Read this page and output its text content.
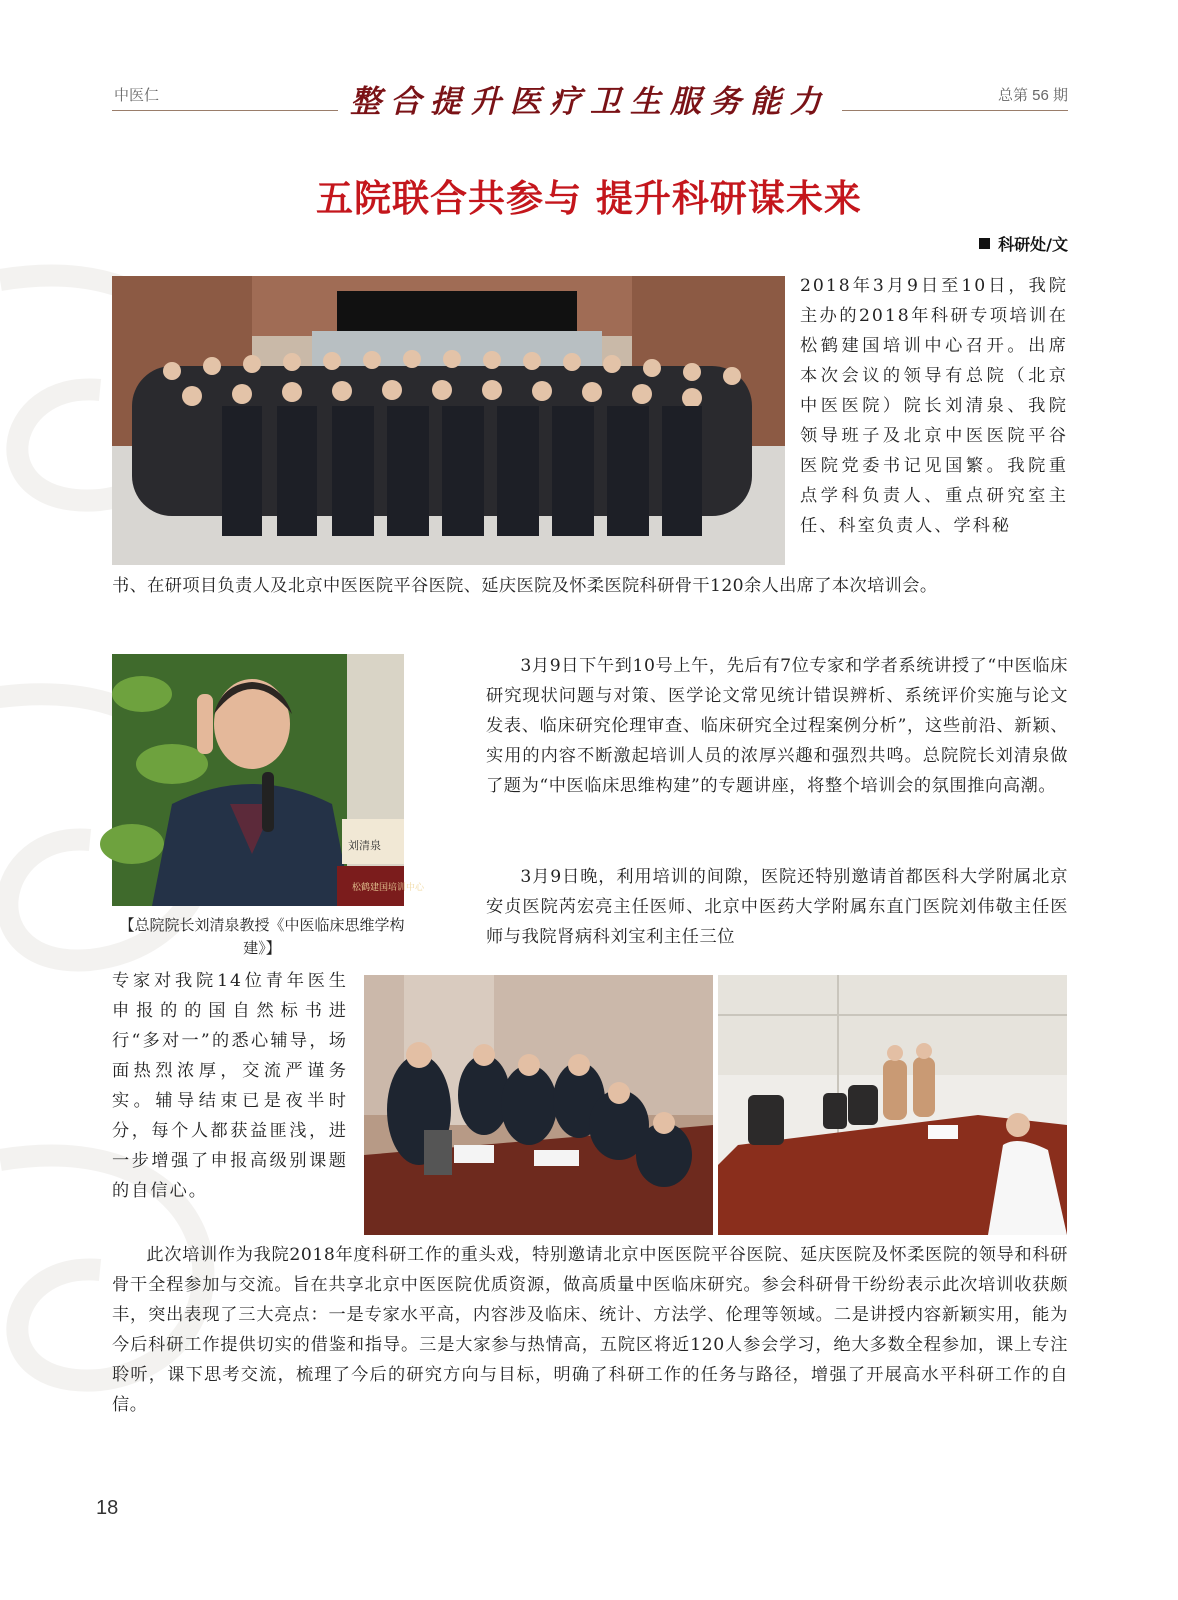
中医仁	整合提升医疗卫生服务能力	总第 56 期
五院联合共参与 提升科研谋未来
科研处/文

2018年3月9日至10日，我院主办的2018年科研专项培训在松鹤建国培训中心召开。出席本次会议的领导有总院（北京中医医院）院长刘清泉、我院领导班子及北京中医医院平谷医院党委书记见国繁。我院重点学科负责人、重点研究室主任、科室负责人、学科秘

书、在研项目负责人及北京中医医院平谷医院、延庆医院及怀柔医院科研骨干120余人出席了本次培训会。

刘清泉
松鹤建国培训中心
【总院院长刘清泉教授《中医临床思维学构建》】

3月9日下午到10号上午，先后有7位专家和学者系统讲授了“中医临床研究现状问题与对策、医学论文常见统计错误辨析、系统评价实施与论文发表、临床研究伦理审查、临床研究全过程案例分析”，这些前沿、新颖、实用的内容不断激起培训人员的浓厚兴趣和强烈共鸣。总院院长刘清泉做了题为“中医临床思维构建”的专题讲座，将整个培训会的氛围推向高潮。

3月9日晚，利用培训的间隙，医院还特别邀请首都医科大学附属北京安贞医院芮宏亮主任医师、北京中医药大学附属东直门医院刘伟敬主任医师与我院肾病科刘宝利主任三位

专家对我院14位青年医生申报的的国自然标书进行“多对一”的悉心辅导，场面热烈浓厚，交流严谨务实。辅导结束已是夜半时分，每个人都获益匪浅，进一步增强了申报高级别课题的自信心。

此次培训作为我院2018年度科研工作的重头戏，特别邀请北京中医医院平谷医院、延庆医院及怀柔医院的领导和科研骨干全程参加与交流。旨在共享北京中医医院优质资源，做高质量中医临床研究。参会科研骨干纷纷表示此次培训收获颇丰，突出表现了三大亮点：一是专家水平高，内容涉及临床、统计、方法学、伦理等领域。二是讲授内容新颖实用，能为今后科研工作提供切实的借鉴和指导。三是大家参与热情高，五院区将近120人参会学习，绝大多数全程参加，课上专注聆听，课下思考交流，梳理了今后的研究方向与目标，明确了科研工作的任务与路径，增强了开展高水平科研工作的自信。

18
